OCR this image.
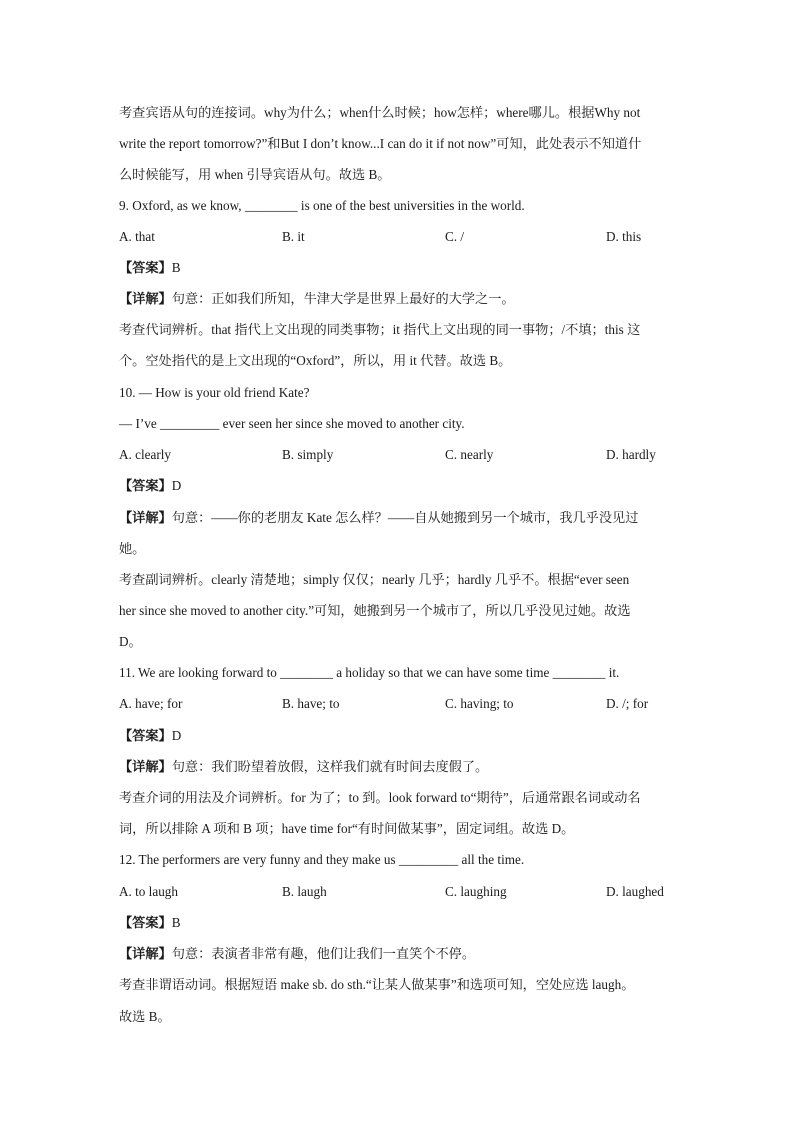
考查宾语从句的连接词。why为什么；when什么时候；how怎样；where哪儿。根据Why not
write the report tomorrow?”和But I don’t know...I can do it if not now”可知，此处表示不知道什
么时候能写，用 when 引导宾语从句。故选 B。
9. Oxford, as we know, ________ is one of the best universities in the world.
A. that	B. it	C. /	D. this
【答案】B
【详解】句意：正如我们所知，牛津大学是世界上最好的大学之一。
考查代词辨析。that 指代上文出现的同类事物；it 指代上文出现的同一事物；/不填；this 这
个。空处指代的是上文出现的“Oxford”，所以，用 it 代替。故选 B。
10. — How is your old friend Kate?
— I’ve _________ ever seen her since she moved to another city.
A. clearly	B. simply	C. nearly	D. hardly
【答案】D
【详解】句意：——你的老朋友 Kate 怎么样？——自从她搬到另一个城市，我几乎没见过
她。
考查副词辨析。clearly 清楚地；simply 仅仅；nearly 几乎；hardly 几乎不。根据“ever seen
her since she moved to another city.”可知，她搬到另一个城市了，所以几乎没见过她。故选
D。
11. We are looking forward to ________ a holiday so that we can have some time ________ it.
A. have; for	B. have; to	C. having; to	D. /; for
【答案】D
【详解】句意：我们盼望着放假，这样我们就有时间去度假了。
考查介词的用法及介词辨析。for 为了；to 到。look forward to“期待”，后通常跟名词或动名
词，所以排除 A 项和 B 项；have time for“有时间做某事”，固定词组。故选 D。
12. The performers are very funny and they make us _________ all the time.
A. to laugh	B. laugh	C. laughing	D. laughed
【答案】B
【详解】句意：表演者非常有趣，他们让我们一直笑个不停。
考查非谓语动词。根据短语 make sb. do sth.“让某人做某事”和选项可知，空处应选 laugh。
故选 B。
